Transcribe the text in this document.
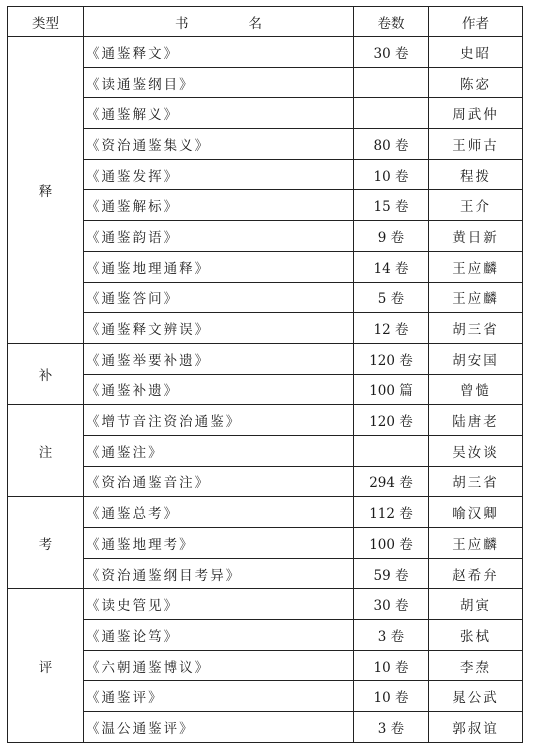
类型	书 名	卷数	作者
释	《通鉴释文》	30 卷	史昭
	《读通鉴纲目》		陈宓
	《通鉴解义》		周武仲
	《资治通鉴集义》	80 卷	王师古
	《通鉴发挥》	10 卷	程拨
	《通鉴解标》	15 卷	王介
	《通鉴韵语》	9 卷	黄日新
	《通鉴地理通释》	14 卷	王应麟
	《通鉴答问》	5 卷	王应麟
	《通鉴释文辨误》	12 卷	胡三省
补	《通鉴举要补遗》	120 卷	胡安国
	《通鉴补遗》	100 篇	曾慥
注	《增节音注资治通鉴》	120 卷	陆唐老
	《通鉴注》		吴汝谈
	《资治通鉴音注》	294 卷	胡三省
考	《通鉴总考》	112 卷	喻汉卿
	《通鉴地理考》	100 卷	王应麟
	《资治通鉴纲目考异》	59 卷	赵希弁
评	《读史管见》	30 卷	胡寅
	《通鉴论笃》	3 卷	张栻
	《六朝通鉴博议》	10 卷	李焘
	《通鉴评》	10 卷	晁公武
	《温公通鉴评》	3 卷	郭叔谊
